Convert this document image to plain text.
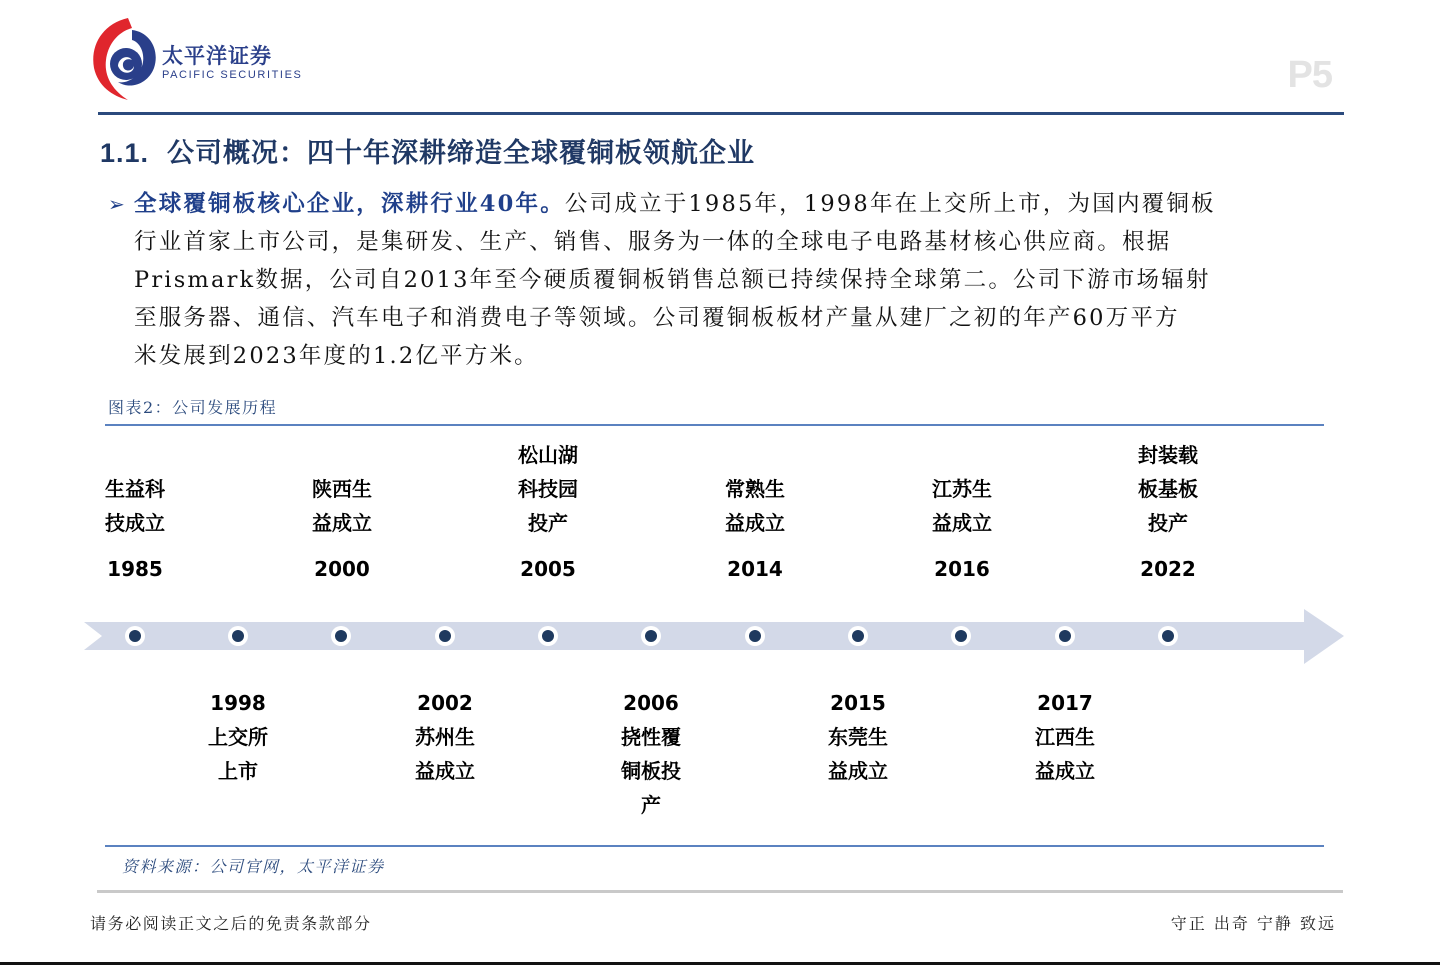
太平洋证券
PACIFIC SECURITIES	P5
1.1. 公司概况：四十年深耕缔造全球覆铜板领航企业
➢ 全球覆铜板核心企业，深耕行业40年。公司成立于1985年，1998年在上交所上市，为国内覆铜板
行业首家上市公司，是集研发、生产、销售、服务为一体的全球电子电路基材核心供应商。根据
Prismark数据，公司自2013年至今硬质覆铜板销售总额已持续保持全球第二。公司下游市场辐射
至服务器、通信、汽车电子和消费电子等领域。公司覆铜板板材产量从建厂之初的年产60万平方
米发展到2023年度的1.2亿平方米。
图表2：公司发展历程
生益科
技成立
1985
陕西生
益成立
2000
松山湖
科技园
投产
2005
常熟生
益成立
2014
江苏生
益成立
2016
封装载
板基板
投产
2022
1998
上交所
上市
2002
苏州生
益成立
2006
挠性覆
铜板投
产
2015
东莞生
益成立
2017
江西生
益成立
资料来源：公司官网，太平洋证券
请务必阅读正文之后的免责条款部分	守正 出奇 宁静 致远
